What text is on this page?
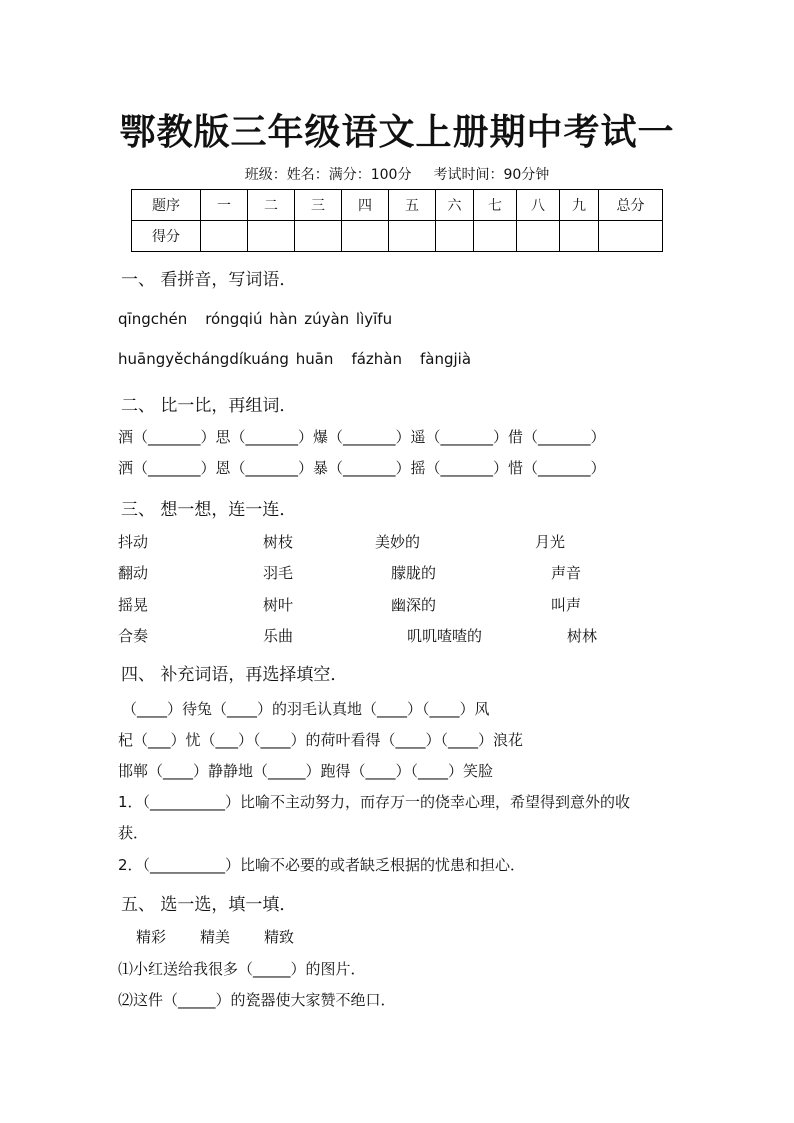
鄂教版三年级语文上册期中考试一
班级：姓名：满分：100分 考试时间：90分钟
题序	一	二	三	四	五	六	七	八	九	总分
得分										
一、 看拼音，写词语．
qīngchén róngqiú hàn zúyàn lìyīfu
huāngyěchángdíkuáng huān fázhàn fàngjià
二、 比一比，再组词．
酒（_______）思（_______）爆（_______）遥（_______）借（_______）
洒（_______）恩（_______）暴（_______）摇（_______）惜（_______）
三、 想一想，连一连．
抖动	树枝	美妙的	月光
翻动	羽毛	朦胧的	声音
摇晃	树叶	幽深的	叫声
合奏	乐曲	叽叽喳喳的	树林
四、 补充词语，再选择填空．
（____）待兔（____）的羽毛认真地（____）（____）风
杞（___）忧（___）（____）的荷叶看得（____）（____）浪花
邯郸（____）静静地（_____）跑得（____）（____）笑脸
1．（__________）比喻不主动努力，而存万一的侥幸心理，希望得到意外的收
获．
2．（__________）比喻不必要的或者缺乏根据的忧患和担心．
五、 选一选，填一填．
精彩 精美 精致
⑴小红送给我很多（_____）的图片．
⑵这件（_____）的瓷器使大家赞不绝口．
